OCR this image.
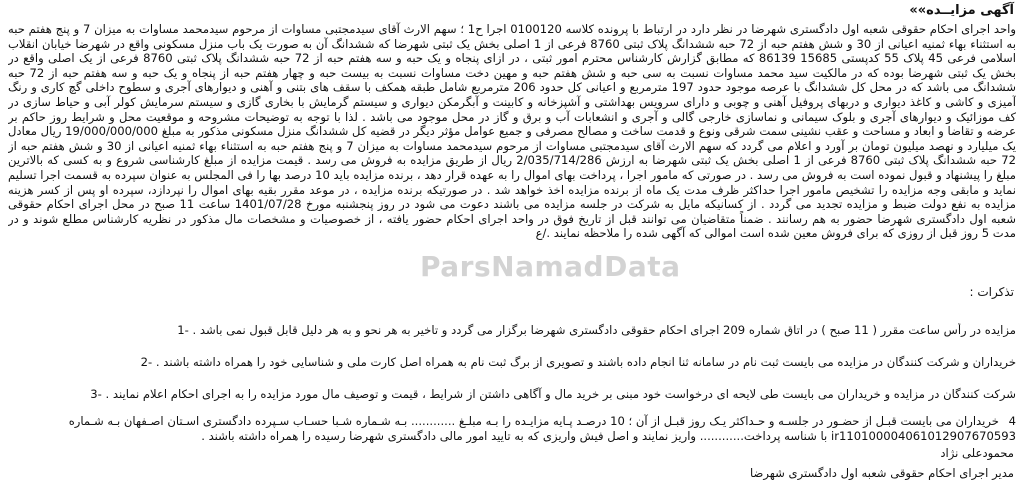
آگهی مزایــده»»
واحد اجرای احکام حقوقی شعبه اول دادگستری شهرضا در نظر دارد در ارتباط با پرونده کلاسه 0100120 اجرا ح1 ؛ سهم الارث آقای سیدمجتبی مساوات از مرحوم سیدمحمد مساوات به میزان 7 و پنج هفتم حبه به استثناء بهاء ثمنیه اعیانی از 30 و شش هفتم حبه از 72 حبه ششدانگ پلاک ثبتی 8760 فرعی از 1 اصلی بخش یک ثبتی شهرضا که ششدانگ آن به صورت یک باب منزل مسکونی واقع در شهرضا خیابان انقلاب اسلامی فرعی 45 پلاک 55 کدپستی 15685 86139 که مطابق گزارش کارشناس محترم امور ثبتی ، در ازای پنجاه و یک حبه و سه هفتم حبه از 72 حبه ششدانگ پلاک ثبتی 8760 فرعی از یک اصلی واقع در بخش یک ثبتی شهرضا بوده که در مالکیت سید محمد مساوات نسبت به سی حبه و شش هفتم حبه و مهین دخت مساوات نسبت به بیست حبه و چهار هفتم حبه از پنجاه و یک حبه و سه هفتم حبه از 72 حبه ششدانگ می باشد که در محل کل ششدانگ با عرصه موجود حدود 197 مترمربع و اعیانی کل حدود 206 مترمربع شامل طبقه همکف با سقف های بتنی و آهنی و دیوارهای آجری و سطوح داخلی گچ کاری و رنگ آمیزی و کاشی و کاغذ دیواری و دربهای پروفیل آهنی و چوبی و دارای سرویس بهداشتی و آشپزخانه و کابینت و آبگرمکن دیواری و سیستم گرمایش با بخاری گازی و سیستم سرمایش کولر آبی و حیاط سازی در کف موزائیک و دیوارهای آجری و بلوک سیمانی و نماسازی خارجی گالی و آجری و انشعابات آب و برق و گاز در محل موجود می باشد . لذا با توجه به توضیحات مشروحه و موقعیت محل و شرایط روز حاکم بر عرضه و تقاضا و ابعاد و مساحت و عقب نشینی سمت شرقی ونوع و قدمت ساخت و مصالح مصرفی و جمیع عوامل مؤثر دیگر در قضیه کل ششدانگ منزل مسکونی مذکور به مبلغ 19/000/000/000 ریال معادل یک میلیارد و نهصد میلیون تومان بر آورد و اعلام می گردد که سهم الارث آقای سیدمجتبی مساوات از مرحوم سیدمحمد مساوات به میزان 7 و پنج هفتم حبه به استثناء بهاء ثمنیه اعیانی از 30 و شش هفتم حبه از 72 حبه ششدانگ پلاک ثبتی 8760 فرعی از 1 اصلی بخش یک ثبتی شهرضا به ارزش 2/035/714/286 ریال از طریق مزایده به فروش می رسد . قیمت مزایده از مبلغ کارشناسی شروع و به کسی که بالاترین مبلغ را پیشنهاد و قبول نموده است به فروش می رسد . در صورتی که مامور اجرا ، پرداخت بهای اموال را به عهده قرار دهد ، برنده مزایده باید 10 درصد بها را فی المجلس به عنوان سپرده به قسمت اجرا تسلیم نماید و مابقی وجه مزایده را تشخیص مامور اجرا حداکثر ظرف مدت یک ماه از برنده مزایده اخذ خواهد شد . در صورتیکه برنده مزایده ، در موعد مقرر بقیه بهای اموال را نپردازد، سپرده او پس از کسر هزینه مزایده به نفع دولت ضبط و مزایده تجدید می گردد . از کسانیکه مایل به شرکت در جلسه مزایده می باشند دعوت می شود در روز پنجشنبه مورخ 1401/07/28 ساعت 11 صبح در محل اجرای احکام حقوقی شعبه اول دادگستری شهرضا حضور به هم رسانند . ضمناً متقاضیان می توانند قبل از تاریخ فوق در واحد اجرای احکام حضور یافته ، از خصوصیات و مشخصات مال مذکور در نظریه کارشناس مطلع شوند و در مدت 5 روز قبل از روزی که برای فروش معین شده است اموالی که آگهی شده را ملاحظه نمایند ./ع
ParsNamadData
تذکرات :
مزایده در رأس ساعت مقرر ( 11 صبح ) در اتاق شماره 209 اجرای احکام حقوقی دادگستری شهرضا برگزار می گردد و تاخیر به هر نحو و به هر دلیل قابل قبول نمی باشد . -1
خریداران و شرکت کنندگان در مزایده می بایست ثبت نام در سامانه ثنا انجام داده باشند و تصویری از برگ ثبت نام به همراه اصل کارت ملی و شناسایی خود را همراه داشته باشند . -2
شرکت کنندگان در مزایده و خریداران می بایست طی لایحه ای درخواست خود مبنی بر خرید مال و آگاهی داشتن از شرایط ، قیمت و توصیف مال مورد مزایده را به اجرای احکام اعلام نمایند . -3
4 خریداران می بایست قبـل از حضـور در جلسـه و حـداکثر یـک روز قبـل از آن ؛ 10 درصـد پـایه مزایـده را بـه مبلـغ ............ بـه شـماره شـبا حسـاب سـپرده دادگستری اسـتان اصـفهان بـه شـماره ir110100004061012907670593 با شناسه پرداخت............ واریز نمایند و اصل فیش واریزی که به تایید امور مالی دادگستری شهرضا رسیده را همراه داشته باشند .
محمودعلی نژاد
مدیر اجرای احکام حقوقی شعبه اول دادگستری شهرضا
